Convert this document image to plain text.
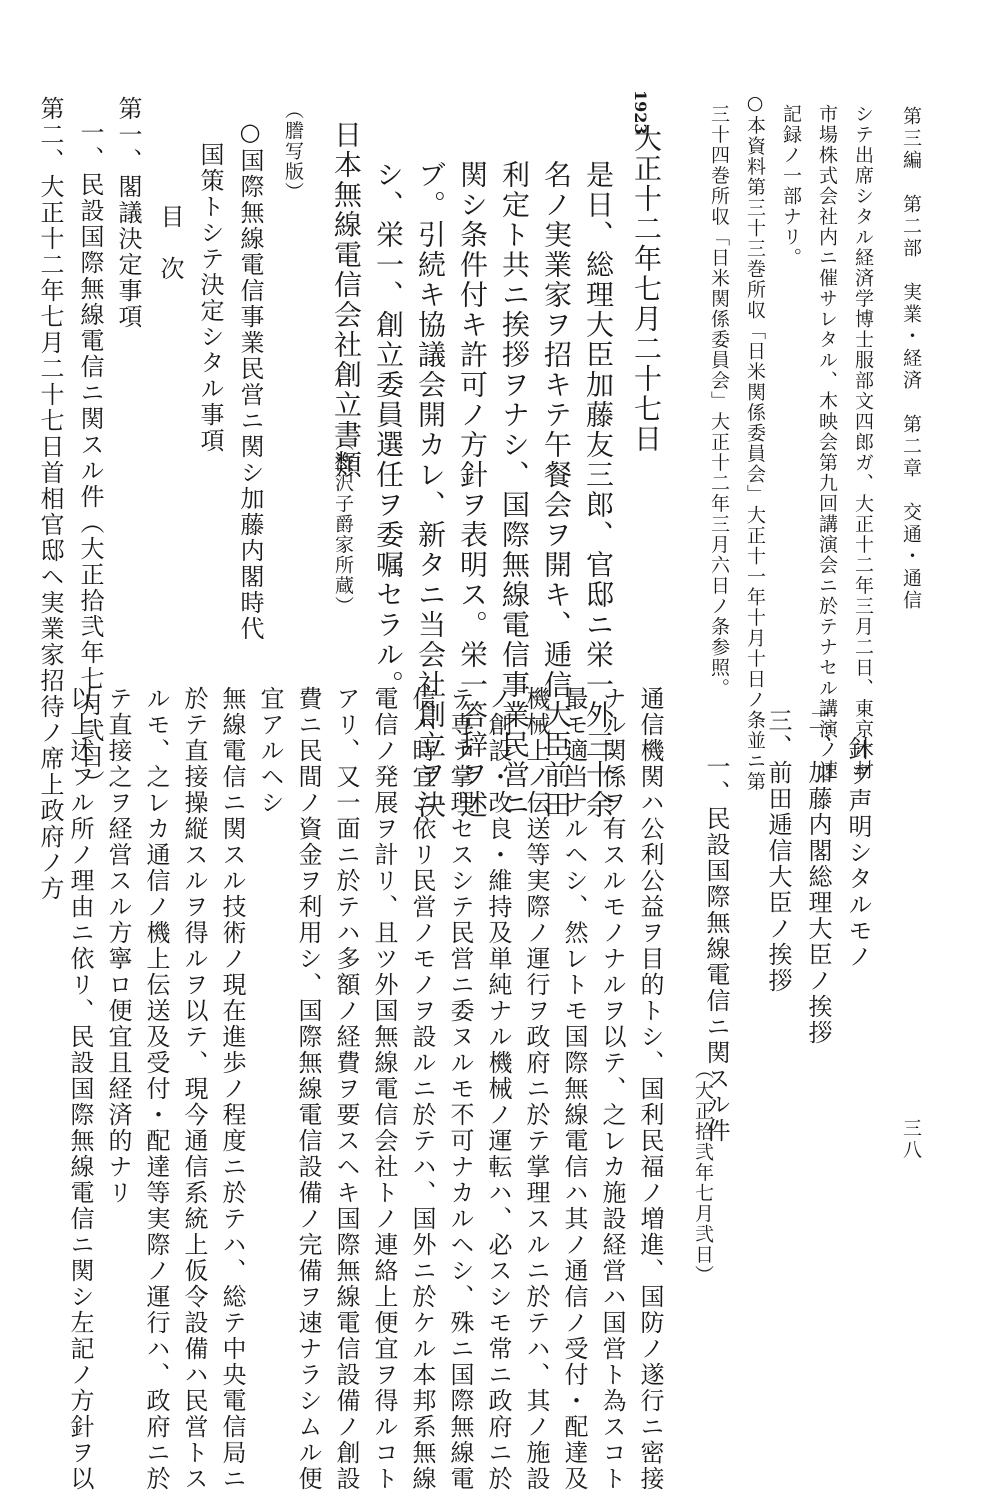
第三編　第二部　実業・経済　第二章　交通・通信
三八
シテ出席シタル経済学博士服部文四郎ガ、大正十二年三月二日、東京木材
市場株式会社内ニ催サレタル、木映会第九回講演会ニ於テナセル講演ノ速
記録ノ一部ナリ。
○本資料第三十三巻所収「日米関係委員会」大正十一年十月十日ノ条並ニ第
三十四巻所収「日米関係委員会」大正十二年三月六日ノ条参照。
1923
大正十二年七月二十七日
是日、総理大臣加藤友三郎、官邸ニ栄一外三十余
名ノ実業家ヲ招キテ午餐会ヲ開キ、逓信大臣前田
利定ト共ニ挨拶ヲナシ、国際無線電信事業民営ニ
関シ条件付キ許可ノ方針ヲ表明ス。栄一答辞ヲ述
ブ。引続キ協議会開カレ、新タニ当会社創立ヲ決
シ、栄一、創立委員選任ヲ委嘱セラル。
日本無線電信会社創立書類
（渋沢子爵家所蔵）
（謄写版）
○国際無線電信事業民営ニ関シ加藤内閣時代
国策トシテ決定シタル事項
目　次
第一、閣議決定事項
一、民設国際無線電信ニ関スル件（大正拾弐年七月弐日）
第二、大正十二年七月二十七日首相官邸ヘ実業家招待ノ席上政府ノ方	針ヲ声明シタルモノ
二、加藤内閣総理大臣ノ挨拶
三、前田逓信大臣ノ挨拶
（大正拾弐年七月弐日）
一、民設国際無線電信ニ関スル件
通信機関ハ公利公益ヲ目的トシ、国利民福ノ増進、国防ノ遂行ニ密接
ナル関係ヲ有スルモノナルヲ以テ、之レカ施設経営ハ国営ト為スコト
最モ適当ナルヘシ、然レトモ国際無線電信ハ其ノ通信ノ受付・配達及
機械上ノ伝送等実際ノ運行ヲ政府ニ於テ掌理スルニ於テハ、其ノ施設
ノ創設・改良・維持及単純ナル機械ノ運転ハ、必スシモ常ニ政府ニ於
テ専ラ掌理セスシテ民営ニ委ヌルモ不可ナカルヘシ、殊ニ国際無線電
信ハ時宜ニ依リ民営ノモノヲ設ルニ於テハ、国外ニ於ケル本邦系無線
電信ノ発展ヲ計リ、且ツ外国無線電信会社トノ連絡上便宜ヲ得ルコト
アリ、又一面ニ於テハ多額ノ経費ヲ要スヘキ国際無線電信設備ノ創設
費ニ民間ノ資金ヲ利用シ、国際無線電信設備ノ完備ヲ速ナラシムル便
宜アルヘシ
無線電信ニ関スル技術ノ現在進歩ノ程度ニ於テハ、総テ中央電信局ニ
於テ直接操縦スルヲ得ルヲ以テ、現今通信系統上仮令設備ハ民営トス
ルモ、之レカ通信ノ機上伝送及受付・配達等実際ノ運行ハ、政府ニ於
テ直接之ヲ経営スル方寧ロ便宜且経済的ナリ
以上述フル所ノ理由ニ依リ、民設国際無線電信ニ関シ左記ノ方針ヲ以
